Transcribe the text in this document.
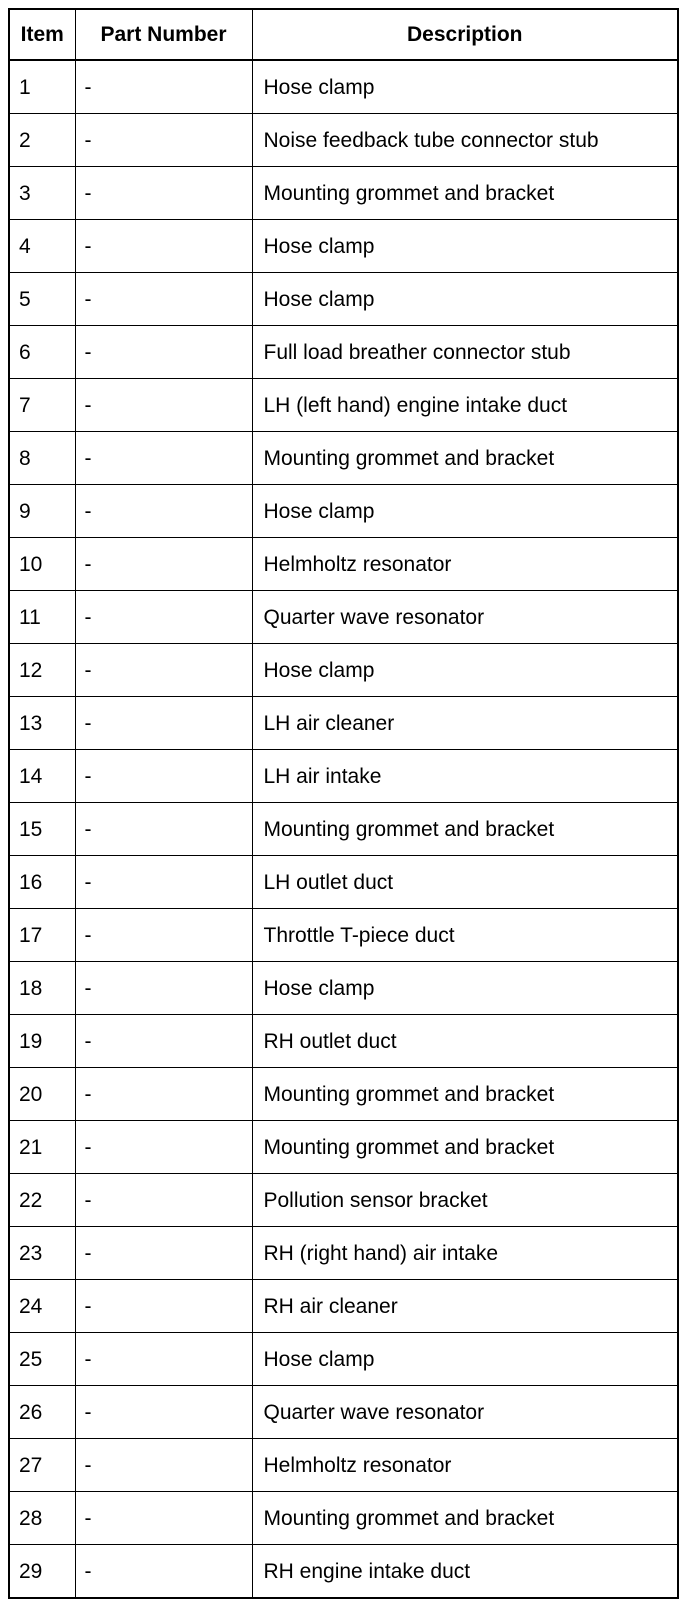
Item	Part Number	Description
1	-	Hose clamp
2	-	Noise feedback tube connector stub
3	-	Mounting grommet and bracket
4	-	Hose clamp
5	-	Hose clamp
6	-	Full load breather connector stub
7	-	LH (left hand) engine intake duct
8	-	Mounting grommet and bracket
9	-	Hose clamp
10	-	Helmholtz resonator
11	-	Quarter wave resonator
12	-	Hose clamp
13	-	LH air cleaner
14	-	LH air intake
15	-	Mounting grommet and bracket
16	-	LH outlet duct
17	-	Throttle T-piece duct
18	-	Hose clamp
19	-	RH outlet duct
20	-	Mounting grommet and bracket
21	-	Mounting grommet and bracket
22	-	Pollution sensor bracket
23	-	RH (right hand) air intake
24	-	RH air cleaner
25	-	Hose clamp
26	-	Quarter wave resonator
27	-	Helmholtz resonator
28	-	Mounting grommet and bracket
29	-	RH engine intake duct
